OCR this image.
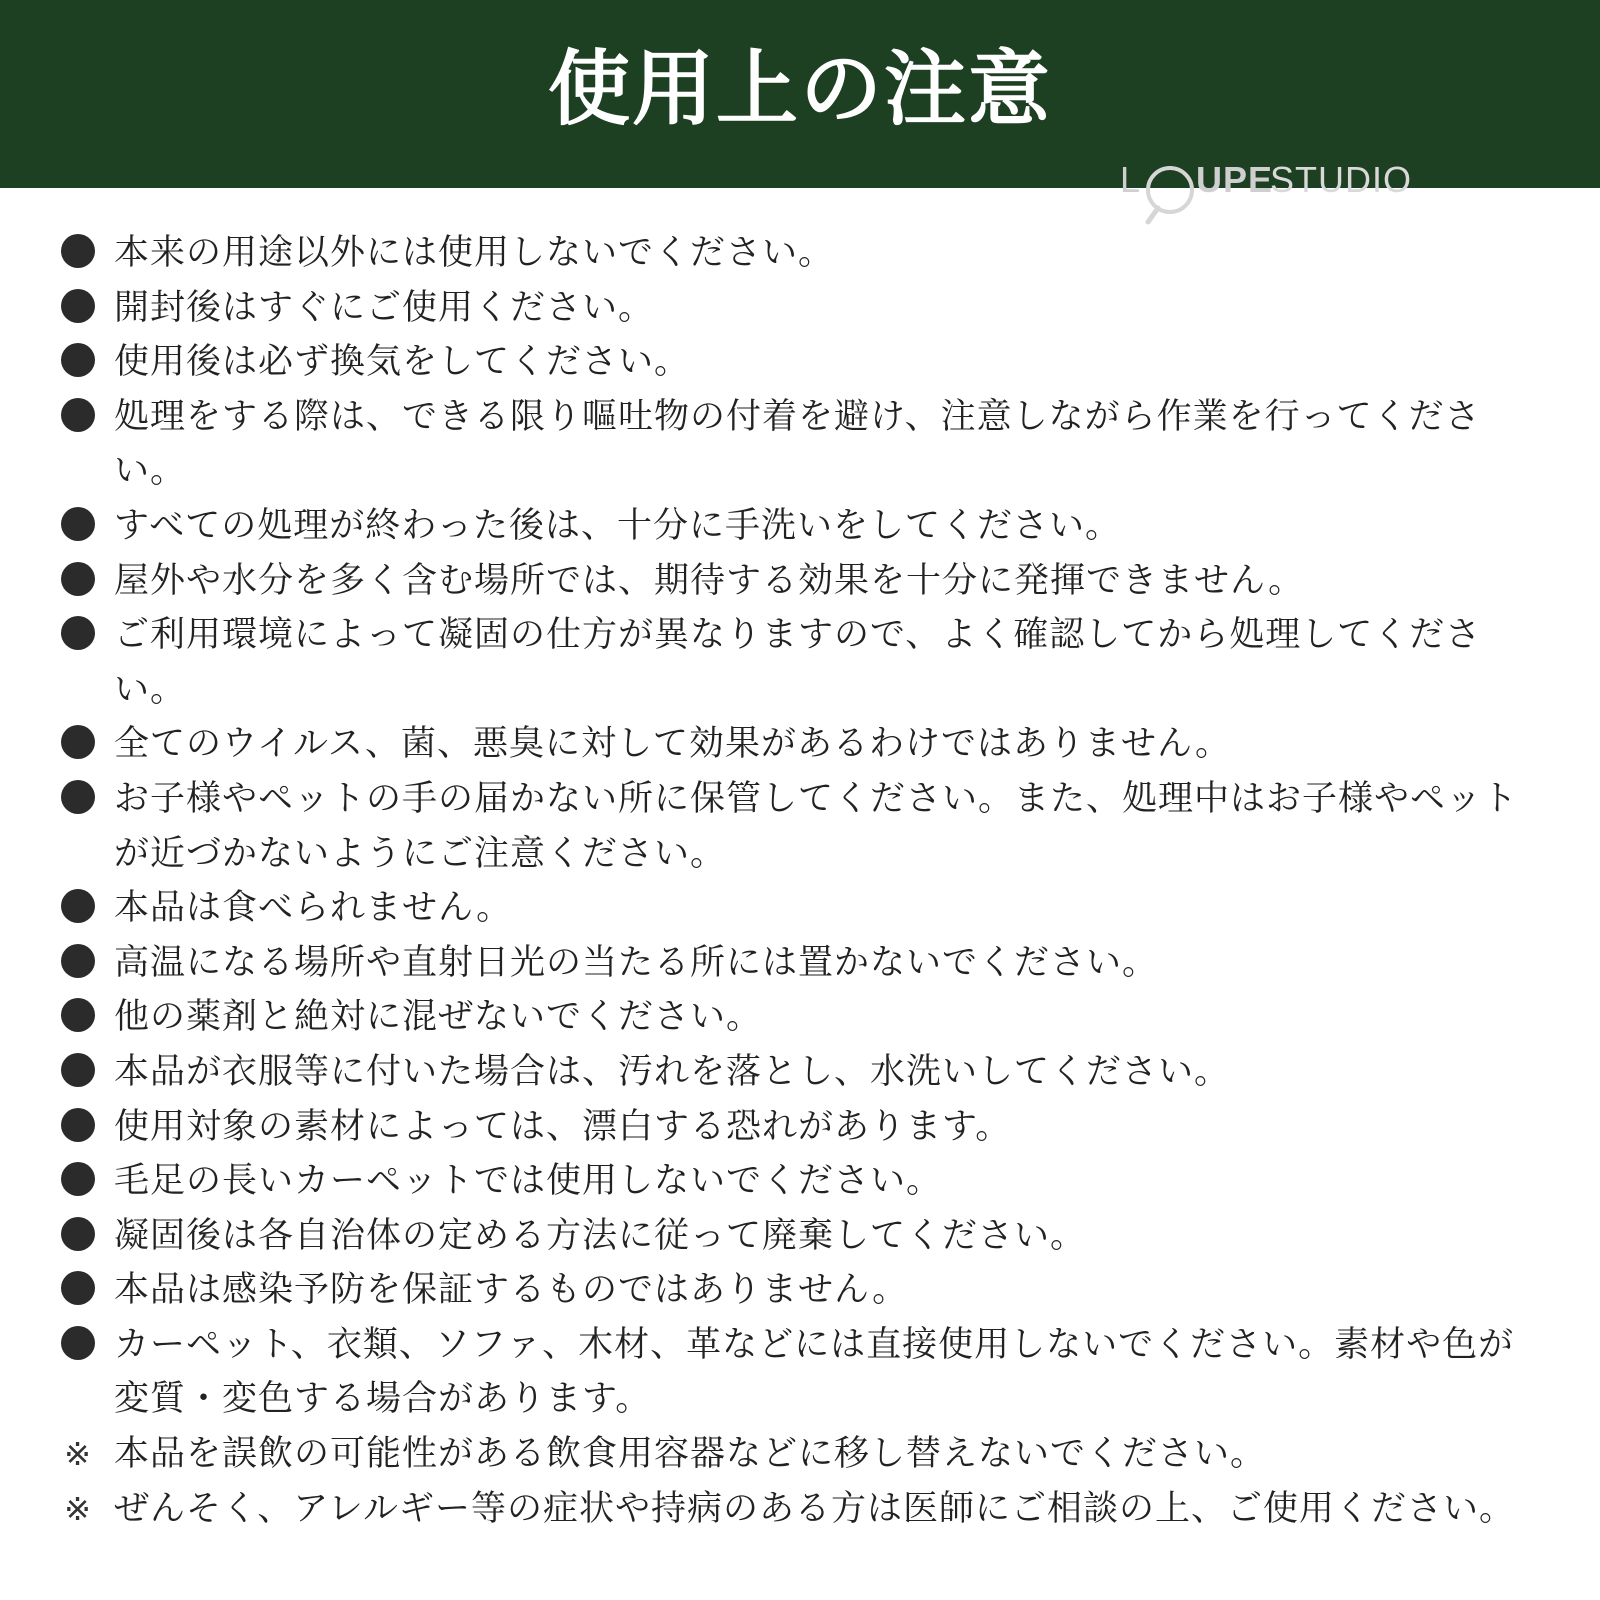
使用上の注意
L UPE
STUDIO
本来の用途以外には使用しないでください。
開封後はすぐにご使用ください。
使用後は必ず換気をしてください。
処理をする際は、できる限り嘔吐物の付着を避け、注意しながら作業を行ってください。
すべての処理が終わった後は、十分に手洗いをしてください。
屋外や水分を多く含む場所では、期待する効果を十分に発揮できません。
ご利用環境によって凝固の仕方が異なりますので、よく確認してから処理してください。
全てのウイルス、菌、悪臭に対して効果があるわけではありません。
お子様やペットの手の届かない所に保管してください。また、処理中はお子様やペットが近づかないようにご注意ください。
本品は食べられません。
高温になる場所や直射日光の当たる所には置かないでください。
他の薬剤と絶対に混ぜないでください。
本品が衣服等に付いた場合は、汚れを落とし、水洗いしてください。
使用対象の素材によっては、漂白する恐れがあります。
毛足の長いカーペットでは使用しないでください。
凝固後は各自治体の定める方法に従って廃棄してください。
本品は感染予防を保証するものではありません。
カーペット、衣類、ソファ、木材、革などには直接使用しないでください。素材や色が変質・変色する場合があります。
※ 本品を誤飲の可能性がある飲食用容器などに移し替えないでください。
※ ぜんそく、アレルギー等の症状や持病のある方は医師にご相談の上、ご使用ください。
